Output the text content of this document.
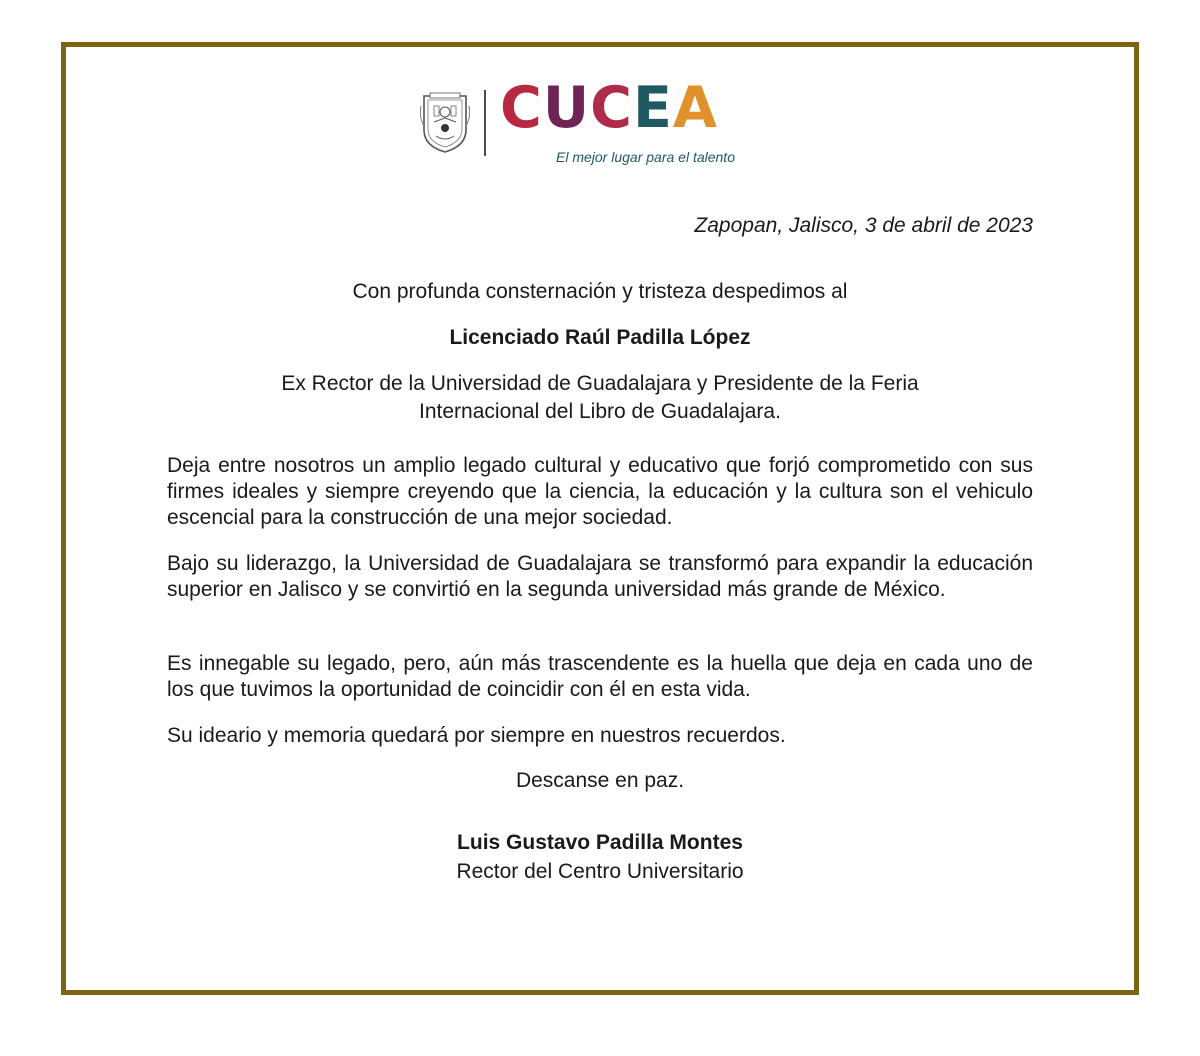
CUCEA
El mejor lugar para el talento

Zapopan, Jalisco, 3 de abril de 2023

Con profunda consternación y tristeza despedimos al

Licenciado Raúl Padilla López

Ex Rector de la Universidad de Guadalajara y Presidente de la Feria

Internacional del Libro de Guadalajara.

Deja entre nosotros un amplio legado cultural y educativo que forjó comprometido con sus firmes ideales y siempre creyendo que la ciencia, la educación y la cultura son el vehiculo escencial para la construcción de una mejor sociedad.

Bajo su liderazgo, la Universidad de Guadalajara se transformó para expandir la educación superior en Jalisco y se convirtió en la segunda universidad más grande de México.

Es innegable su legado, pero, aún más trascendente es la huella que deja en cada uno de los que tuvimos la oportunidad de coincidir con él en esta vida.

Su ideario y memoria quedará por siempre en nuestros recuerdos.

Descanse en paz.

Luis Gustavo Padilla Montes
Rector del Centro Universitario
